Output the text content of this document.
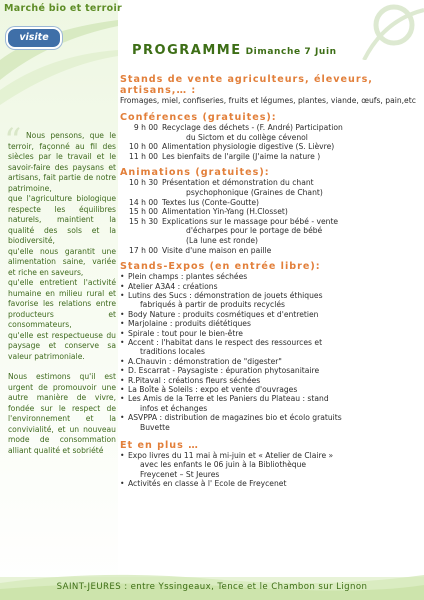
Marché bio et terroir
visite
“ Nous pensons, que le terroir, façonné au fil des siècles par le travail et le savoir-faire des paysans et artisans, fait partie de notre patrimoine,

que l'agriculture biologique respecte les équilibres naturels, maintient la qualité des sols et la biodiversité,

qu'elle nous garantit une alimentation saine, variée et riche en saveurs,

qu'elle entretient l'activité humaine en milieu rural et favorise les relations entre producteurs et consommateurs,

qu'elle est respectueuse du paysage et conserve sa valeur patrimoniale.

Nous estimons qu'il est urgent de promouvoir une autre manière de vivre, fondée sur le respect de l'environnement et la convivialité, et un nouveau mode de consommation alliant qualité et sobriété

PROGRAMME Dimanche 7 Juin

Stands de vente agriculteurs, éleveurs, artisans,… :

Fromages, miel, confiseries, fruits et légumes, plantes, viande, œufs, pain,etc

Conférences (gratuites):

9 h 00 Recyclage des déchets - (F. André) Participation
du Sictom et du collège cévenol
10 h 00 Alimentation physiologie digestive (S. Lièvre)
11 h 00 Les bienfaits de l'argile (J'aime la nature )

Animations (gratuites):

10 h 30 Présentation et démonstration du chant
psychophonique (Graines de Chant)
14 h 00 Textes lus (Conte-Goutte)
15 h 00 Alimentation Yin-Yang (H.Closset)
15 h 30 Explications sur le massage pour bébé - vente
d'écharpes pour le portage de bébé
(La lune est ronde)
17 h 00 Visite d'une maison en paille

Stands-Expos (en entrée libre):

• Plein champs : plantes séchées
• Atelier A3A4 : créations
• Lutins des Sucs : démonstration de jouets éthiques
fabriqués à partir de produits recyclés
• Body Nature : produits cosmétiques et d'entretien
• Marjolaine : produits diététiques
• Spirale : tout pour le bien-être
• Accent : l'habitat dans le respect des ressources et
traditions locales
• A.Chauvin : démonstration de "digester"
• D. Escarrat - Paysagiste : épuration phytosanitaire
• R.Pitaval : créations fleurs séchées
• La Boîte à Soleils : expo et vente d'ouvrages
• Les Amis de la Terre et les Paniers du Plateau : stand
infos et échanges
• ASVPPA : distribution de magazines bio et écolo gratuits
Buvette

Et en plus …

• Expo livres du 11 mai à mi-juin et « Atelier de Claire »
avec les enfants le 06 juin à la Bibliothèque
Freycenet – St Jeures
• Activités en classe à l' Ecole de Freycenet
SAINT-JEURES : entre Yssingeaux, Tence et le Chambon sur Lignon
